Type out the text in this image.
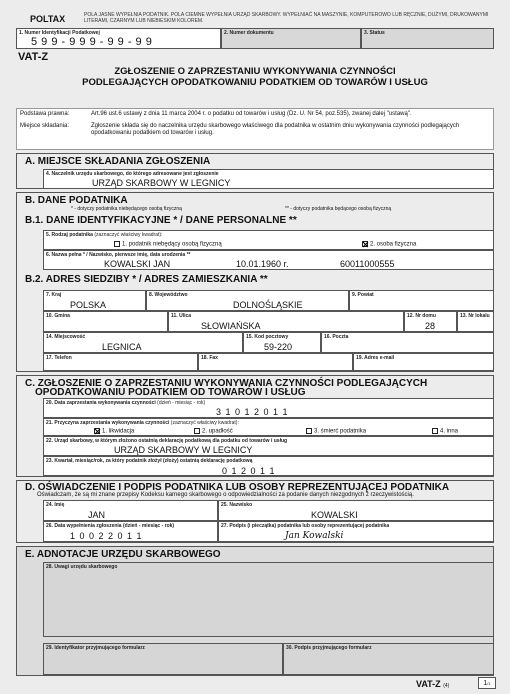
POLTAX	POLA JASNE WYPEŁNIA PODATNIK. POLA CIEMNE WYPEŁNIA URZĄD SKARBOWY. WYPEŁNIAĆ NA MASZYNIE, KOMPUTEROWO LUB RĘCZNIE, DUŻYMI, DRUKOWANYMI LITERAMI, CZARNYM LUB NIEBIESKIM KOLOREM.
1. Numer Identyfikacji Podatkowej
5 9 9 - 9 9 9 - 9 9 - 9 9
2. Numer dokumentu	3. Status
VAT-Z
ZGŁOSZENIE O ZAPRZESTANIU WYKONYWANIA CZYNNOŚCI
PODLEGAJĄCYCH OPODATKOWANIU PODATKIEM OD TOWARÓW I USŁUG
Podstawa prawna:	Art.96 ust.6 ustawy z dnia 11 marca 2004 r. o podatku od towarów i usług (Dz. U. Nr 54, poz.535), zwanej dalej "ustawą".
Miejsce składania:	Zgłoszenie składa się do naczelnika urzędu skarbowego właściwego dla podatnika w ostatnim dniu wykonywania czynności podlegających opodatkowaniu podatkiem od towarów i usług.
A. MIEJSCE SKŁADANIA ZGŁOSZENIA
4. Naczelnik urzędu skarbowego, do którego adresowane jest zgłoszenie
URZĄD SKARBOWY W LEGNICY
B. DANE PODATNIKA
* - dotyczy podatnika niebędącego osobą fizyczną	** - dotyczy podatnika będącego osobą fizyczną
B.1. DANE IDENTYFIKACYJNE * / DANE PERSONALNE **
5. Rodzaj podatnika (zaznaczyć właściwy kwadrat):
1. podatnik niebędący osobą fizyczną	2. osoba fizyczna
6. Nazwa pełna * / Nazwisko, pierwsze imię, data urodzenia **
KOWALSKI JAN	10.01.1960 r.	60011000555
B.2. ADRES SIEDZIBY * / ADRES ZAMIESZKANIA **
7. Kraj
POLSKA
8. Województwo
DOLNOŚLĄSKIE
9. Powiat
10. Gmina	11. Ulica
SŁOWIAŃSKA
12. Nr domu
28
13. Nr lokalu
14. Miejscowość
LEGNICA
15. Kod pocztowy
59-220
16. Poczta
17. Telefon	18. Fax	19. Adres e-mail
C. ZGŁOSZENIE O ZAPRZESTANIU WYKONYWANIA CZYNNOŚCI PODLEGAJĄCYCH
OPODATKOWANIU PODATKIEM OD TOWARÓW I USŁUG
20. Data zaprzestania wykonywania czynności (dzień - miesiąc - rok)
3 1 0 1 2 0 1 1
21. Przyczyna zaprzestania wykonywania czynności (zaznaczyć właściwy kwadrat):
1. likwidacja	2. upadłość	3. śmierć podatnika	4. inna
22. Urząd skarbowy, w którym złożono ostatnią deklarację podatkową dla podatku od towarów i usług
URZĄD SKARBOWY W LEGNICY
23. Kwartał, miesiąc/rok, za który podatnik złożył (złoży) ostatnią deklarację podatkową
0 1 2 0 1 1
D. OŚWIADCZENIE I PODPIS PODATNIKA LUB OSOBY REPREZENTUJĄCEJ PODATNIKA
Oświadczam, że są mi znane przepisy Kodeksu karnego skarbowego o odpowiedzialności za podanie danych niezgodnych z rzeczywistością.
24. Imię
JAN
25. Nazwisko
KOWALSKI
26. Data wypełnienia zgłoszenia (dzień - miesiąc - rok)
1 0 0 2 2 0 1 1
27. Podpis (i pieczątka) podatnika lub osoby reprezentującej podatnika
Jan Kowalski
E. ADNOTACJE URZĘDU SKARBOWEGO
28. Uwagi urzędu skarbowego
29. Identyfikator przyjmującego formularz	30. Podpis przyjmującego formularz
VAT-Z (4)	1/1
